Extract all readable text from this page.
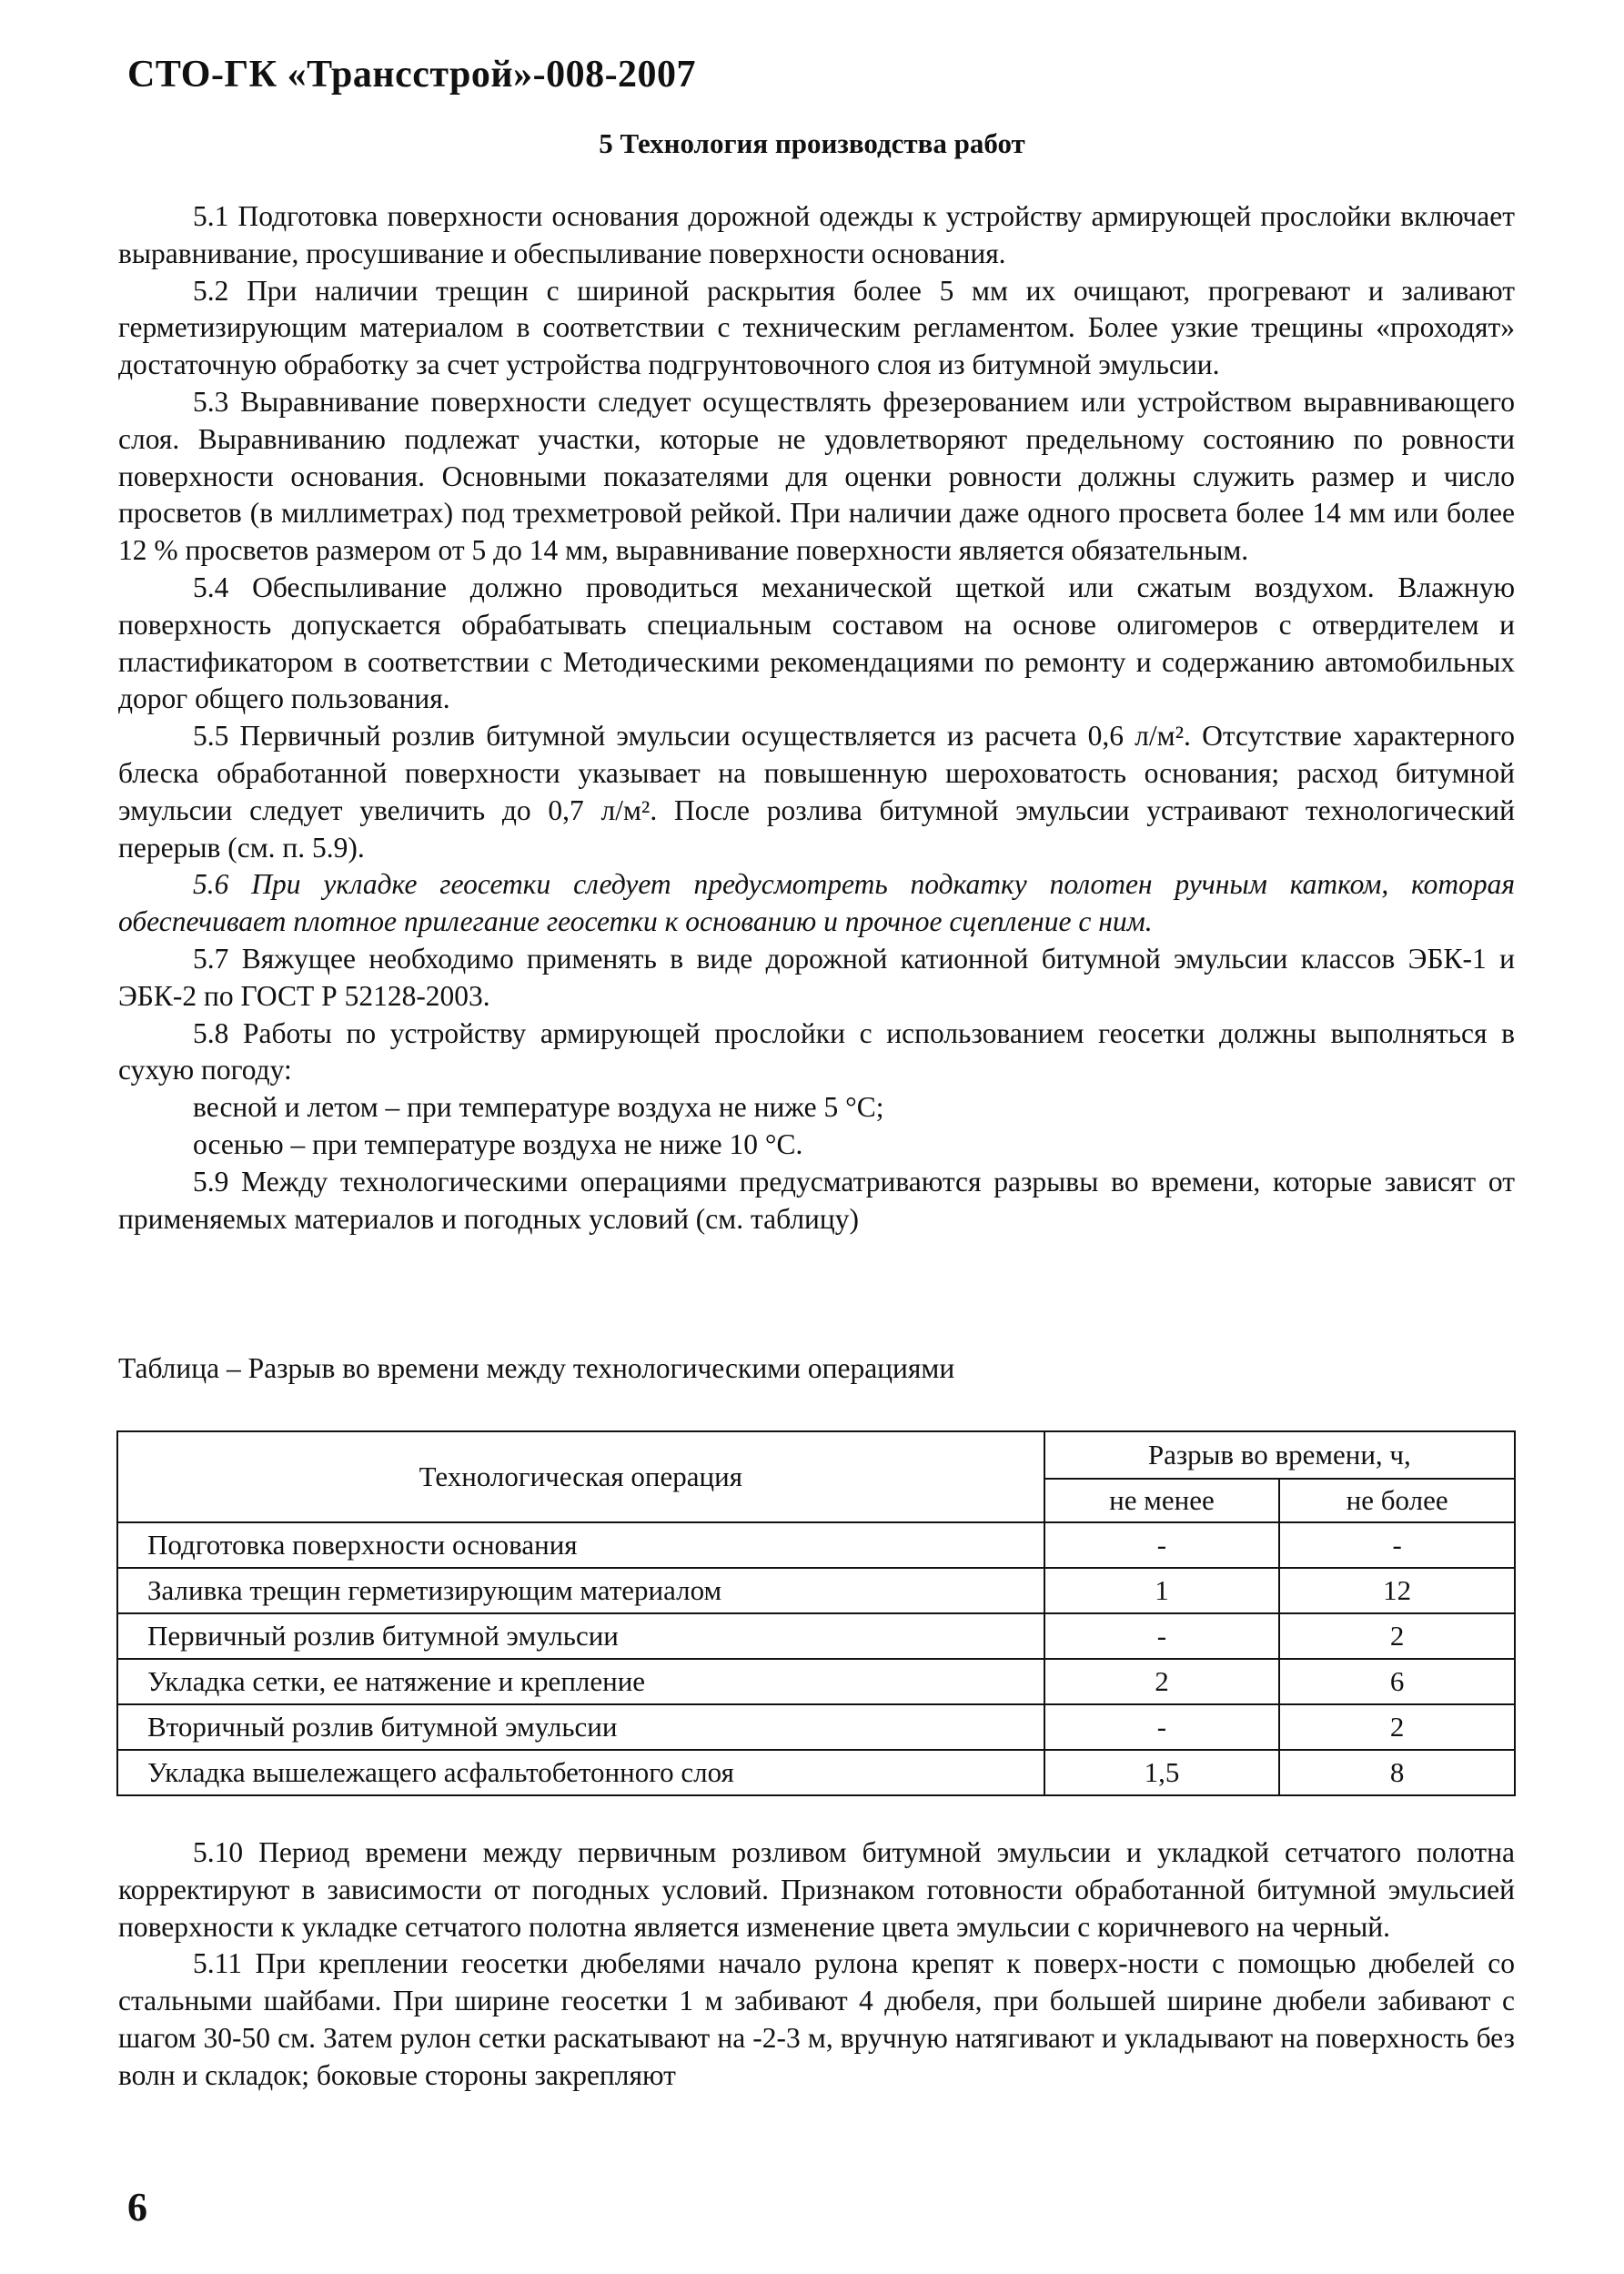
СТО-ГК «Трансстрой»-008-2007
5 Технология производства работ

5.1 Подготовка поверхности основания дорожной одежды к устройству армирующей прослойки включает выравнивание, просушивание и обеспыливание поверхности основания.

5.2 При наличии трещин с шириной раскрытия более 5 мм их очищают, прогревают и заливают герметизирующим материалом в соответствии с техническим регламентом. Более узкие трещины «проходят» достаточную обработку за счет устройства подгрунтовочного слоя из битумной эмульсии.

5.3 Выравнивание поверхности следует осуществлять фрезерованием или устройством выравнивающего слоя. Выравниванию подлежат участки, которые не удовлетворяют предельному состоянию по ровности поверхности основания. Основными показателями для оценки ровности должны служить размер и число просветов (в миллиметрах) под трехметровой рейкой. При наличии даже одного просвета более 14 мм или более 12 % просветов размером от 5 до 14 мм, выравнивание поверхности является обязательным.

5.4 Обеспыливание должно проводиться механической щеткой или сжатым воздухом. Влажную поверхность допускается обрабатывать специальным составом на основе олигомеров с отвердителем и пластификатором в соответствии с Методическими рекомендациями по ремонту и содержанию автомобильных дорог общего пользования.

5.5 Первичный розлив битумной эмульсии осуществляется из расчета 0,6 л/м². Отсутствие характерного блеска обработанной поверхности указывает на повышенную шероховатость основания; расход битумной эмульсии следует увеличить до 0,7 л/м². После розлива битумной эмульсии устраивают технологический перерыв (см. п. 5.9).

5.6 При укладке геосетки следует предусмотреть подкатку полотен ручным катком, которая обеспечивает плотное прилегание геосетки к основанию и прочное сцепление с ним.

5.7 Вяжущее необходимо применять в виде дорожной катионной битумной эмульсии классов ЭБК-1 и ЭБК-2 по ГОСТ Р 52128-2003.

5.8 Работы по устройству армирующей прослойки с использованием геосетки должны выполняться в сухую погоду:

весной и летом – при температуре воздуха не ниже 5 °С;

осенью – при температуре воздуха не ниже 10 °С.

5.9 Между технологическими операциями предусматриваются разрывы во времени, которые зависят от применяемых материалов и погодных условий (см. таблицу)

Таблица – Разрыв во времени между технологическими операциями
Технологическая операция	Разрыв во времени, ч,	
	не менее	не более
Подготовка поверхности основания	-	-
Заливка трещин герметизирующим материалом	1	12
Первичный розлив битумной эмульсии	-	2
Укладка сетки, ее натяжение и крепление	2	6
Вторичный розлив битумной эмульсии	-	2
Укладка вышележащего асфальтобетонного слоя	1,5	8

5.10 Период времени между первичным розливом битумной эмульсии и укладкой сетчатого полотна корректируют в зависимости от погодных условий. Признаком готовности обработанной битумной эмульсией поверхности к укладке сетчатого полотна является изменение цвета эмульсии с коричневого на черный.

5.11 При креплении геосетки дюбелями начало рулона крепят к поверх-ности с помощью дюбелей со стальными шайбами. При ширине геосетки 1 м забивают 4 дюбеля, при большей ширине дюбели забивают с шагом 30-50 см. Затем рулон сетки раскатывают на -2-3 м, вручную натягивают и укладывают на поверхность без волн и складок; боковые стороны закрепляют

6
